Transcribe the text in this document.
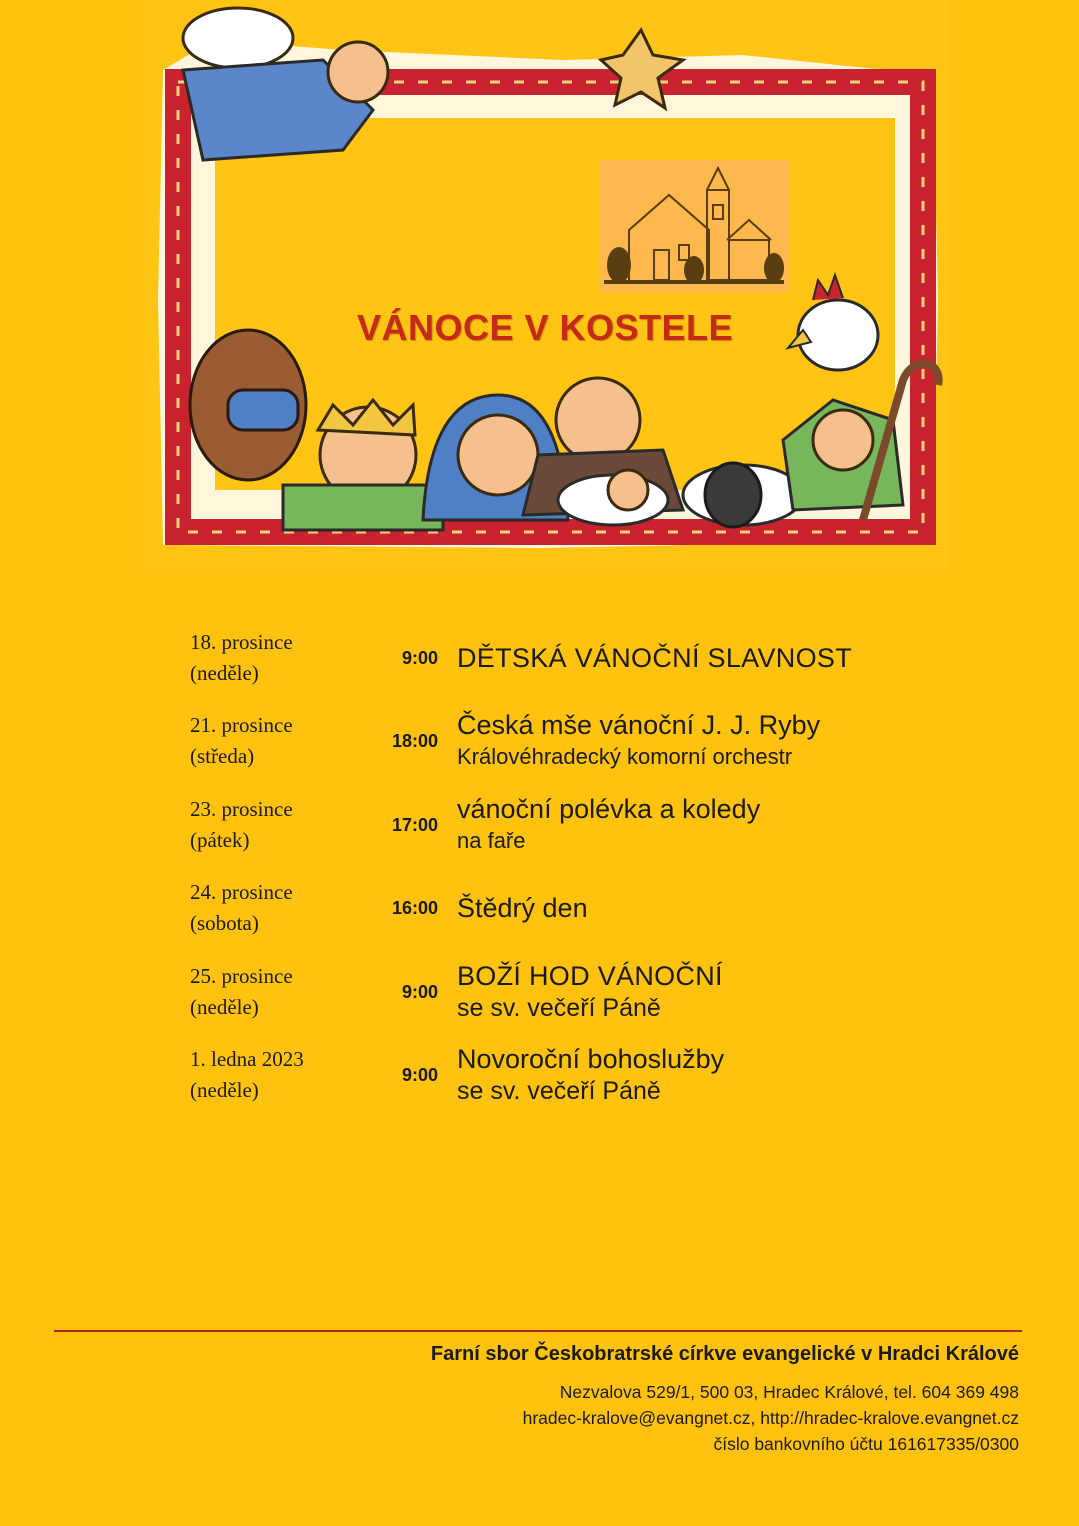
VÁNOCE V KOSTELE
18. prosince
(neděle)
9:00 DĚTSKÁ VÁNOČNÍ SLAVNOST
21. prosince
(středa)
18:00
Česká mše vánoční J. J. Ryby
Královéhradecký komorní orchestr
23. prosince
(pátek)
17:00
vánoční polévka a koledy
na faře
24. prosince
(sobota)
16:00 Štědrý den
25. prosince
(neděle)
9:00
BOŽÍ HOD VÁNOČNÍ
se sv. večeří Páně
1. ledna 2023
(neděle)
9:00
Novoroční bohoslužby
se sv. večeří Páně

Farní sbor Českobratrské církve evangelické v Hradci Králové

Nezvalova 529/1, 500 03, Hradec Králové, tel. 604 369 498

hradec-kralove@evangnet.cz, http://hradec-kralove.evangnet.cz

číslo bankovního účtu 161617335/0300
